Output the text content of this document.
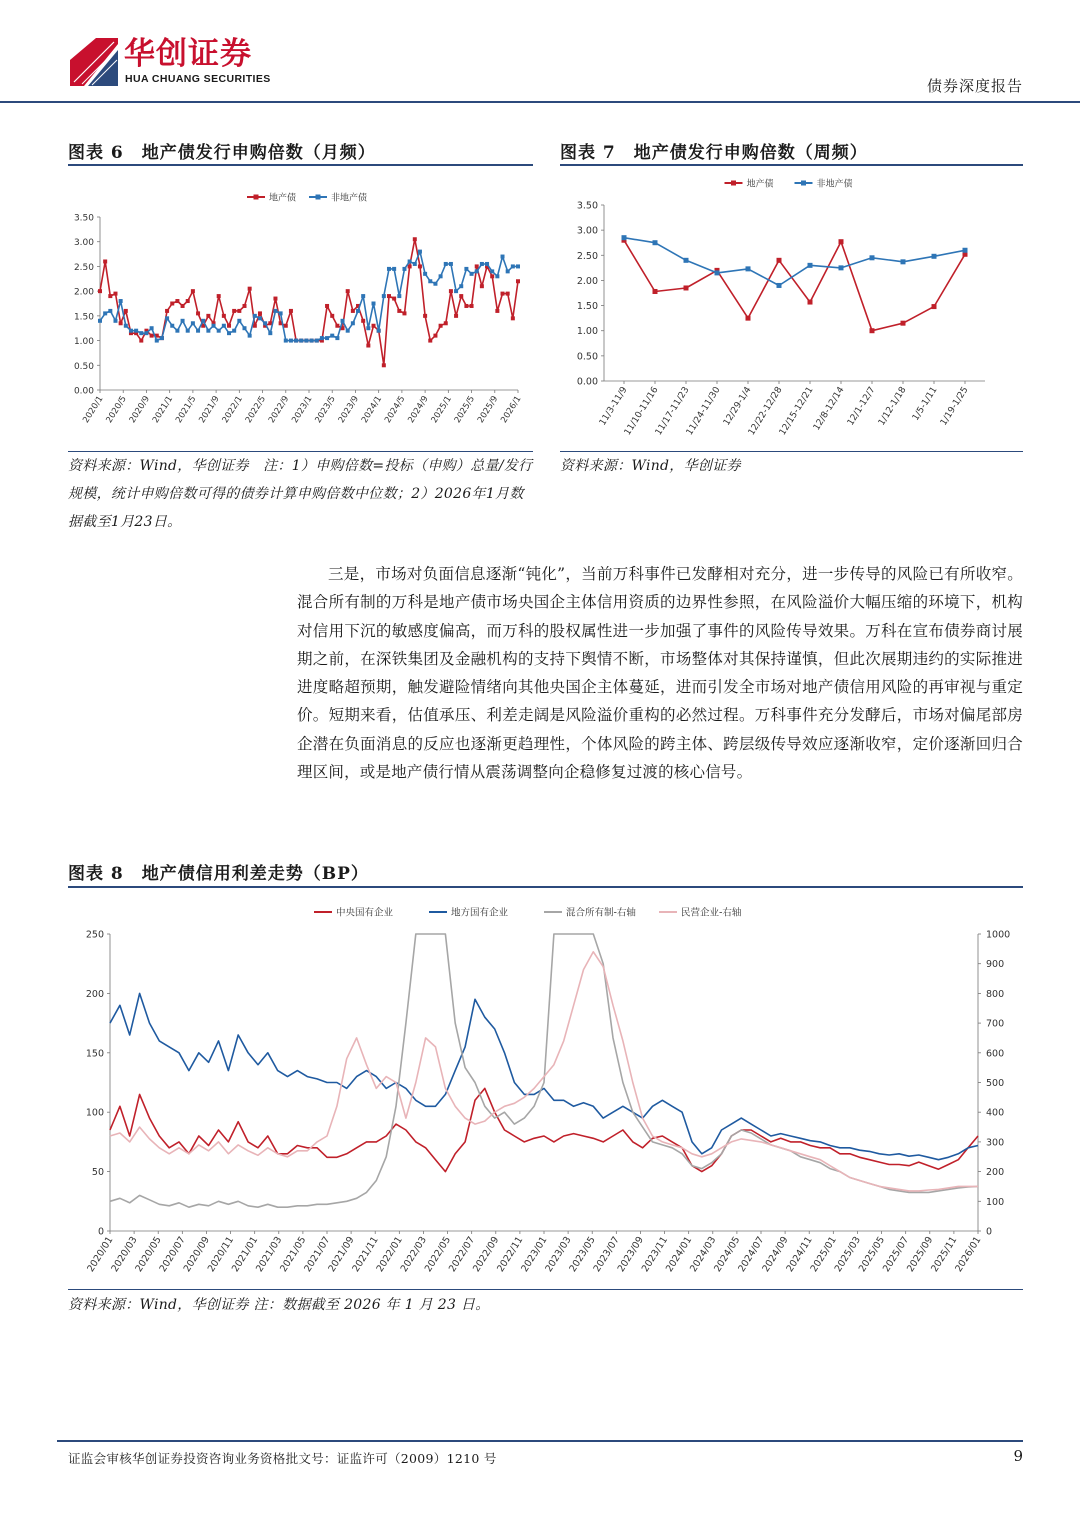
华创证券
HUA CHUANG SECURITIES	债券深度报告
图表 6　地产债发行申购倍数（月频）
0.00
0.50
1.00
1.50
2.00
2.50
3.00
3.50
2020/1
2020/5
2020/9
2021/1
2021/5
2021/9
2022/1
2022/5
2022/9
2023/1
2023/5
2023/9
2024/1
2024/5
2024/9
2025/1
2025/5
2025/9
2026/1
地产债	非地产债
资料来源：Wind，华创证券　注：1）申购倍数=投标（申购）总量/发行规模，统计申购倍数可得的债券计算申购倍数中位数；2）2026年1月数据截至1月23日。
图表 7　地产债发行申购倍数（周频）
0.00
0.50
1.00
1.50
2.00
2.50
3.00
3.50
11/3-11/9
11/10-11/16
11/17-11/23
11/24-11/30 12/29-1/4
12/22-12/28
12/15-12/21
12/8-12/14 12/1-12/7 1/12-1/18 1/5-1/11 1/19-1/25
地产债	非地产债
资料来源：Wind，华创证券
三是，市场对负面信息逐渐“钝化”，当前万科事件已发酵相对充分，进一步传导的风险已有所收窄。混合所有制的万科是地产债市场央国企主体信用资质的边界性参照，在风险溢价大幅压缩的环境下，机构对信用下沉的敏感度偏高，而万科的股权属性进一步加强了事件的风险传导效果。万科在宣布债券商讨展期之前，在深铁集团及金融机构的支持下舆情不断，市场整体对其保持谨慎，但此次展期违约的实际推进进度略超预期，触发避险情绪向其他央国企主体蔓延，进而引发全市场对地产债信用风险的再审视与重定价。短期来看，估值承压、利差走阔是风险溢价重构的必然过程。万科事件充分发酵后，市场对偏尾部房企潜在负面消息的反应也逐渐更趋理性，个体风险的跨主体、跨层级传导效应逐渐收窄，定价逐渐回归合理区间，或是地产债行情从震荡调整向企稳修复过渡的核心信号。
图表 8　地产债信用利差走势（BP）
0
50
100
150
200
250
0
100
200
300
400
500
600
700
800
900
1000
2020/01
2020/03
2020/05
2020/07
2020/09
2020/11
2021/01
2021/03
2021/05
2021/07
2021/09
2021/11
2022/01
2022/03
2022/05
2022/07
2022/09
2022/11
2023/01
2023/03
2023/05
2023/07
2023/09
2023/11
2024/01
2024/03
2024/05
2024/07
2024/09
2024/11
2025/01
2025/03
2025/05
2025/07
2025/09
2025/11
2026/01
中央国有企业	地方国有企业	混合所有制-右轴	民营企业-右轴
资料来源：Wind，华创证券 注：数据截至 2026 年 1 月 23 日。
证监会审核华创证券投资咨询业务资格批文号：证监许可（2009）1210 号	9
